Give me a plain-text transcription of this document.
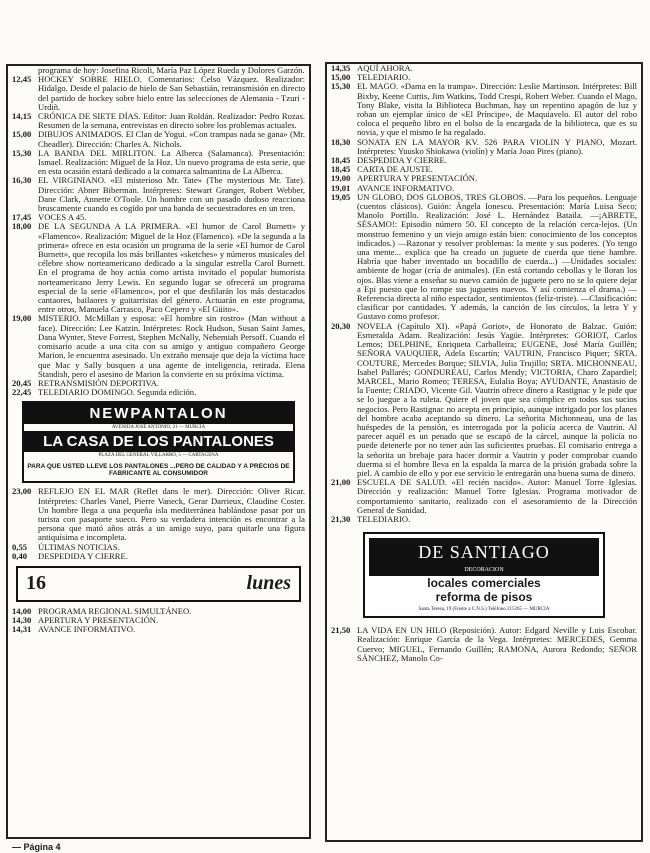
programa de hoy: Josefina Ricoli, María Paz López Rueda y Dolores Garzón.
12,45 HOCKEY SOBRE HIELO. Comentarios: Celso Vázquez. Realizador: Hidalgo. Desde el palacio de hielo de San Sebastián, retransmisión en directo del partido de hockey sobre hielo entre las selecciones de Alemania - Tzuri - Urdiñ.
14,15 CRÓNICA DE SIETE DÍAS. Editor: Juan Roldán. Realizador: Pedro Rozas. Resumen de la semana, entrevistas en directo sobre los problemas actuales.
15,00 DIBUJOS ANIMADOS. El Clan de Yogui. «Con trampas nada se gana» (Mr. Cheadler). Dirección: Charles A. Nichols.
15,30 LA BANDA DEL MIRLITON. La Alberca (Salamanca). Presentación: Ismael. Realización: Miguel de la Hoz. Un nuevo programa de esta serie, que en esta ocasión estará dedicado a la comarca salmantina de La Alberca.
16,30 EL VIRGINIANO. «El misterioso Mr. Tate» (The mysterious Mr. Tate). Dirección: Abner Biberman. Intérpretes: Stewart Granger, Robert Webber, Dane Clark, Annette O'Toole. Un hombre con un pasado dudoso reacciona bruscamente cuando es cogido por una banda de secuestradores en un tren.
17,45 VOCES A 45.
18,00 DE LA SEGUNDA A LA PRIMERA. «El humor de Carol Burnett» y «Flamenco». Realización: Miguel de la Hoz (Flamenco). «De la segunda a la primera» ofrece en esta ocasión un programa de la serie «El humor de Carol Burnett», que recopila los más brillantes «sketches» y números musicales del célebre show norteamericano dedicado a la singular estrella Carol Burnett. En el programa de hoy actúa como artista invitado el popular humorista norteamericano Jerry Lewis. En segundo lugar se ofrecerá un programa especial de la serie «Flamenco», por el que desfilarán los más destacados cantaores, bailaores y guitarristas del género. Actuarán en este programa, entre otros, Manuela Carrasco, Paco Cepero y «El Güito».
19,00 MISTERIO. McMillan y esposa: «El hombre sin rostro» (Man without a face). Dirección: Lee Katzin. Intérpretes: Rock Hudson, Susan Saint James, Dana Wynter, Steve Forrest, Stephen McNally, Nehemiah Persoff. Cuando el comisario acude a una cita con su amigo y antiguo compañero George Marion, le encuentra asesinado. Un extraño mensaje que deja la víctima hace que Mac y Sally busquen a una agente de inteligencia, retirada. Elena Standish, pero el asesino de Marion la convierte en su próxima víctima.
20,45 RETRANSMISIÓN DEPORTIVA.
22,45 TELEDIARIO DOMINGO. Segunda edición.
NEWPANTALON
AVENIDA JOSÉ ANTONIO, 21 — MURCIA
LA CASA DE LOS PANTALONES
PLAZA DEL GENERAL VILLARRO, 5 — CARTAGENA
PARA QUE USTED LLEVE LOS PANTALONES ...PERO DE CALIDAD Y A PRECIOS DE FABRICANTE AL CONSUMIDOR
23,00 REFLEJO EN EL MAR (Reflet dans le mer). Dirección: Oliver Ricar. Intérpretes: Charles Vanel, Pierre Vaneck, Gerar Darrieux, Claudine Coster. Un hombre llega a una pequeña isla mediterránea hablándose pasar por un turista con pasaporte sueco. Pero su verdadera intención es encontrar a la persona que mató años atrás a un amigo suyo, para quitarle una figura antiquísima e incompleta.
0,55	ÚLTIMAS NOTICIAS.
0,40	DESPEDIDA Y CIERRE.
16	lunes
14,00 PROGRAMA REGIONAL SIMULTÁNEO.
14,30 APERTURA Y PRESENTACIÓN.
14,31 AVANCE INFORMATIVO.
14,35 AQUÍ AHORA.
15,00 TELEDIARIO.
15,30 EL MAGO. «Dama en la trampa». Dirección: Leslie Martinson. Intérpretes: Bill Bixby, Keene Curtis, Jim Watkins, Todd Crespi, Robert Weber. Cuando el Mago, Tony Blake, visita la Biblioteca Buchman, hay un repentino apagón de luz y roban un ejemplar único de «El Príncipe», de Maquiavelo. El autor del robo coloca el pequeño libro en el bolso de la encargada de la biblioteca, que es su novia, y que el mismo le ha regalado.
18,30 SONATA EN LA MAYOR KV. 526 PARA VIOLIN Y PIANO, Mozart. Intérpretes: Yuusko Shiokawa (violín) y María Joao Pires (piano).
18,45 DESPEDIDA Y CIERRE.
18,45 CARTA DE AJUSTE.
19,00 APERTURA Y PRESENTACIÓN.
19,01 AVANCE INFORMATIVO.
19,05 UN GLOBO, DOS GLOBOS, TRES GLOBOS. —Para los pequeños. Lenguaje (cuentos clásicos). Guión: Ángela Ionescu. Presentación: María Luisa Seco; Manolo Portillo. Realización: José L. Hernández Bataila. —¡ABRETE, SÉSAMO!: Episodio número 50. El concepto de la relación cerca-lejos. (Un monstruo femenino y un viejo amigo están bien: conocimiento de los conceptos indicados.) —Razonar y resolver problemas: la mente y sus poderes. (Yo tengo una mente... explica que ha creado un juguete de cuerda que tiene hambre. Habría que haber inventado un bocadillo de cuerda...) —Unidades sociales: ambiente de hogar (cría de animales). (En está cortando cebollas y le lloran los ojos. Blas viene a enseñar su nuevo camión de juguete pero no se lo quiere dejar a Epi puesto que lo rompe sus juguetes nuevos. Y así comienza el drama.) —Referencia directa al niño espectador, sentimientos (feliz-triste). —Clasificación: clasificar por cantidades. Y además, la canción de los círculos, la letra Y y Gustavo como profesor.
20,30 NOVELA (Capítulo XI). «Papá Goriot», de Honorato de Balzac. Guión: Esmeralda Adam. Realización: Jesús Yagüe. Intérpretes: GORIOT, Carlos Lemos; DELPHINE, Enriqueta Carballeira; EUGENE, José María Guillén; SEÑORA VAUQUIER, Adela Escartín; VAUTRIN, Francisco Piquer; SRTA. COUTURE, Mercedes Borque; SILVIA, Julia Trujillo; SRTA. MICHONNEAU, Isabel Pallarés; GONDUREAU, Carlos Mendy; VICTORIA, Charo Zapardiel; MARCEL, Mario Romeo; TERESA, Eulalia Boya; AYUDANTE, Anastasio de la Fuente; CRIADO, Vicente Gil. Vautrin ofrece dinero a Rastignac y le pide que se lo juegue a la ruleta. Quiere el joven que sea cómplice en todos sus sucios negocios. Pero Rastignac no acepta en principio, aunque intrigado por los planes del hombre acaba aceptando su dinero. La señorita Michonneau, una de las huéspedes de la pensión, es interrogada por la policía acerca de Vautrin. Al parecer aquél es un penado que se escapó de la cárcel, aunque la policía no puede detenerle por no tener aún las suficientes pruebas. El comisario entrega a la señorita un brebaje para hacer dormir a Vautrin y poder comprobar cuando duerma si el hombre lleva en la espalda la marca de la prisión grabada sobre la piel. A cambio de ello y por ese servicio le entregarán una buena suma de dinero.
21,00 ESCUELA DE SALUD. «El recién nacido». Autor: Manuel Torre Iglesias. Dirección y realización: Manuel Torre Iglesias. Programa motivador de comportamiento sanitario, realizado con el asesoramiento de la Dirección General de Sanidad.
21,30 TELEDIARIO.
DE SANTIAGO
DECORACION
locales comerciales
reforma de pisos
Santa Teresa, 19 (Frente a C.N.S.) Teléfono 215265 — MURCIA
21,50 LA VIDA EN UN HILO (Reposición). Autor: Edgard Neville y Luis Escobar. Realización: Enrique García de la Vega. Intérpretes: MERCEDES, Gemma Cuervo; MIGUEL, Fernando Guillén; RAMONA, Aurora Redondo; SEÑOR SÁNCHEZ, Manolo Co-
— Página 4
